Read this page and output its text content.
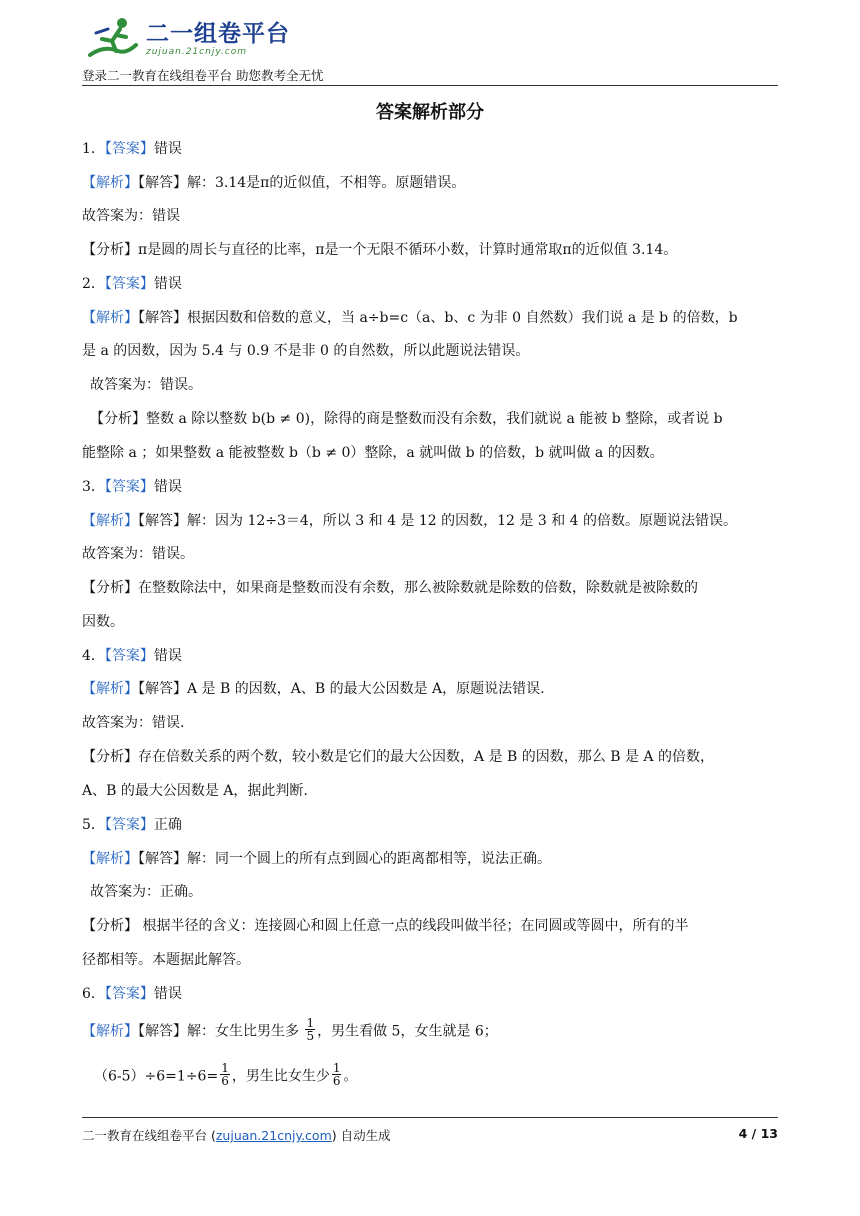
二一组卷平台
zujuan.21cnjy.com
登录二一教育在线组卷平台 助您教考全无忧
答案解析部分
1．【答案】错误
【解析】【解答】解：3.14是π的近似值，不相等。原题错误。
故答案为：错误
【分析】π是圆的周长与直径的比率，π是一个无限不循环小数，计算时通常取π的近似值 3.14。
2．【答案】错误
【解析】【解答】根据因数和倍数的意义，当 a÷b=c（a、b、c 为非 0 自然数）我们说 a 是 b 的倍数，b
是 a 的因数，因为 5.4 与 0.9 不是非 0 的自然数，所以此题说法错误。
故答案为：错误。
【分析】整数 a 除以整数 b(b ≠ 0)，除得的商是整数而没有余数，我们就说 a 能被 b 整除，或者说 b
能整除 a ；如果整数 a 能被整数 b（b ≠ 0）整除，a 就叫做 b 的倍数，b 就叫做 a 的因数。
3．【答案】错误
【解析】【解答】解：因为 12÷3＝4，所以 3 和 4 是 12 的因数，12 是 3 和 4 的倍数。原题说法错误。
故答案为：错误。
【分析】在整数除法中，如果商是整数而没有余数，那么被除数就是除数的倍数，除数就是被除数的
因数。
4．【答案】错误
【解析】【解答】A 是 B 的因数，A、B 的最大公因数是 A，原题说法错误.
故答案为：错误.
【分析】存在倍数关系的两个数，较小数是它们的最大公因数，A 是 B 的因数，那么 B 是 A 的倍数，
A、B 的最大公因数是 A，据此判断.
5．【答案】正确
【解析】【解答】解：同一个圆上的所有点到圆心的距离都相等，说法正确。
故答案为：正确。
【分析】 根据半径的含义：连接圆心和圆上任意一点的线段叫做半径；在同圆或等圆中，所有的半
径都相等。本题据此解答。
6．【答案】错误
【解析】【解答】解：女生比男生多 $\frac{1}{5}$ ，男生看做 5，女生就是 6；
$(6-5)\div 6=1\div 6= \frac{1}{6}$ ，男生比女生少 $\frac{1}{6}$ 。
二一教育在线组卷平台 (zujuan.21cnjy.com) 自动生成	4 / 13
